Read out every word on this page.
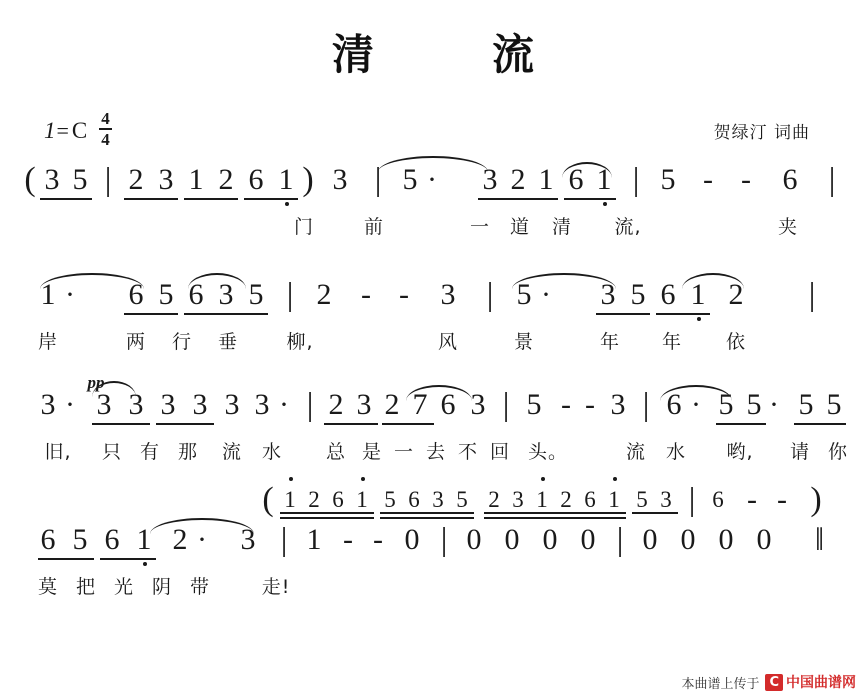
清　流
1 = C $\frac{4}{4}$	贺绿汀 词曲
( 3 5 | 2 3 1 2 6 1 ) 3 | 5 · 3 2 1 6 1 | 5 - - 6 |
门	前	一 道 清 流,	夹
1 · 6 5 6 3 5 | 2 - - 3 | 5 · 3 5 6 1 2 |
岸	两 行 垂	柳,	风	景	年 年 依
pp
3 · 3 3 3 3 3 3 · | 2 3 2 7 6 3 | 5 - - 3 | 6 · 5 5 · 5 5
旧, 只 有 那 流 水 总 是 一 去 不 回 头。	流 水 哟, 请 你
( 1 2 6 1 5 6 3 5 2 3 1 2 6 1 5 3 | 6 - - )
6 5 6 1 2 · 3 | 1 - - 0 | 0 0 0 0 | 0 0 0 0 ‖
莫 把 光 阴 带	走!
本曲谱上传于 C 中国曲谱网
